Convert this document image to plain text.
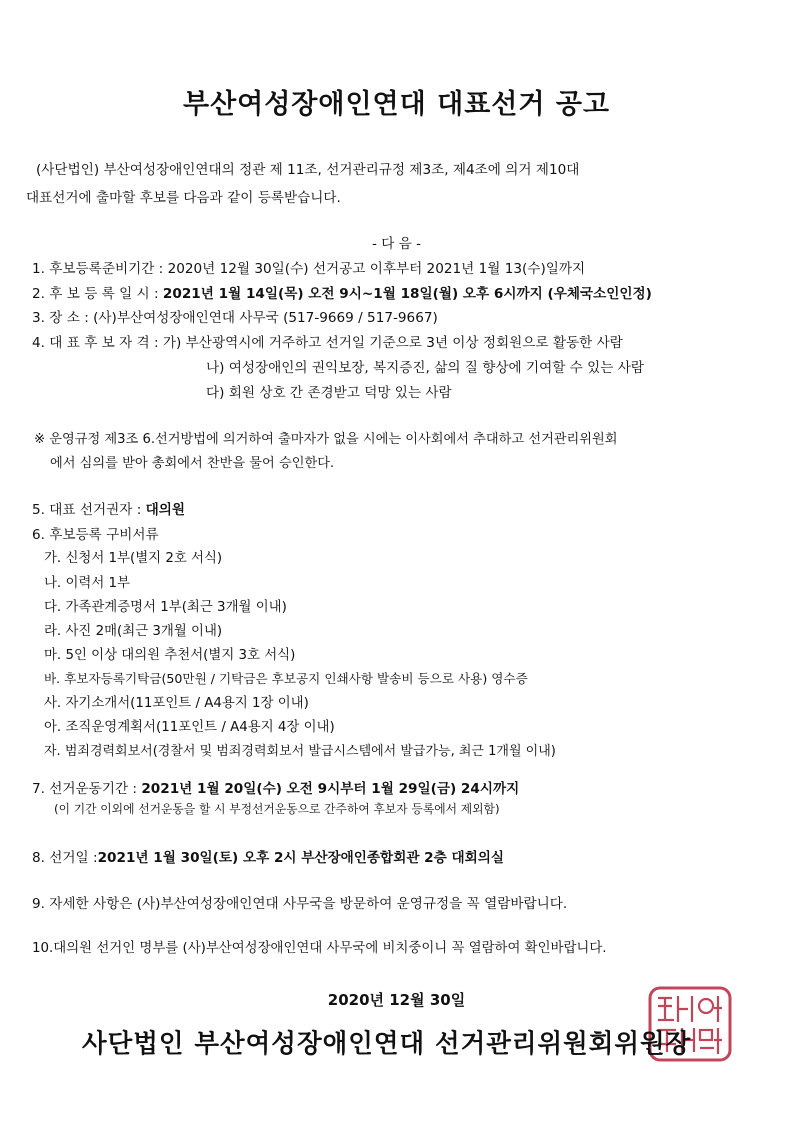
부산여성장애인연대 대표선거 공고
(사단법인) 부산여성장애인연대의 정관 제 11조, 선거관리규정 제3조, 제4조에 의거 제10대
대표선거에 출마할 후보를 다음과 같이 등록받습니다.
- 다 음 -
1. 후보등록준비기간 : 2020년 12월 30일(수) 선거공고 이후부터 2021년 1월 13(수)일까지
2. 후 보 등 록 일 시 : 2021년 1월 14일(목) 오전 9시~1월 18일(월) 오후 6시까지 (우체국소인인정)
3. 장 소 : (사)부산여성장애인연대 사무국 (517-9669 / 517-9667)
4. 대 표 후 보 자 격 : 가) 부산광역시에 거주하고 선거일 기준으로 3년 이상 정회원으로 활동한 사람
나) 여성장애인의 권익보장, 복지증진, 삶의 질 향상에 기여할 수 있는 사람
다) 회원 상호 간 존경받고 덕망 있는 사람
※ 운영규정 제3조 6.선거방법에 의거하여 출마자가 없을 시에는 이사회에서 추대하고 선거관리위원회
에서 심의를 받아 총회에서 찬반을 물어 승인한다.
5. 대표 선거권자 : 대의원
6. 후보등록 구비서류
가. 신청서 1부(별지 2호 서식)
나. 이력서 1부
다. 가족관계증명서 1부(최근 3개월 이내)
라. 사진 2매(최근 3개월 이내)
마. 5인 이상 대의원 추천서(별지 3호 서식)
바. 후보자등록기탁금(50만원 / 기탁금은 후보공지 인쇄사항 발송비 등으로 사용) 영수증
사. 자기소개서(11포인트 / A4용지 1장 이내)
아. 조직운영계획서(11포인트 / A4용지 4장 이내)
자. 범죄경력회보서(경찰서 및 범죄경력회보서 발급시스템에서 발급가능, 최근 1개월 이내)
7. 선거운동기간 : 2021년 1월 20일(수) 오전 9시부터 1월 29일(금) 24시까지
(이 기간 이외에 선거운동을 할 시 부정선거운동으로 간주하여 후보자 등록에서 제외함)
8. 선거일 :2021년 1월 30일(토) 오후 2시 부산장애인종합회관 2층 대회의실
9. 자세한 사항은 (사)부산여성장애인연대 사무국을 방문하여 운영규정을 꼭 열람바랍니다.
10.대의원 선거인 명부를 (사)부산여성장애인연대 사무국에 비치중이니 꼭 열람하여 확인바랍니다.
2020년 12월 30일
사단법인 부산여성장애인연대 선거관리위원회위원장
